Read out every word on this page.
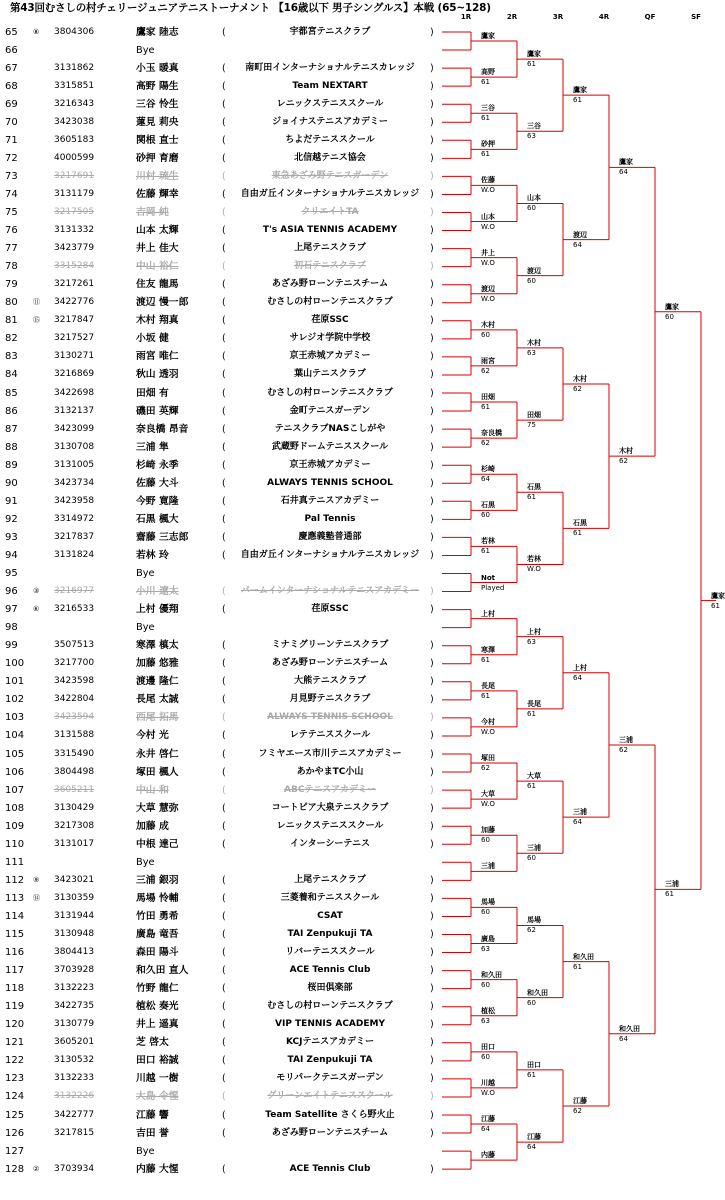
第43回むさしの村チェリージュニアテニストーナメント 【16歳以下 男子シングルス】本戦 (65~128)
1R	2R	3R	4R	QF	SF
65	⑧	3804306	鷹家 陸志	(	宇都宮テニスクラブ	)
66	Bye
67	3131862	小玉 暖真	(	南町田インターナショナルテニスカレッジ	)
68	3315851	高野 陽生	(	Team NEXTART	)
69	3216343	三谷 怜生	(	レニックステニススクール	)
70	3423038	蓮見 莉央	(	ジョイナステニスアカデミー	)
71	3605183	関根 直士	(	ちよだテニススクール	)
72	4000599	砂押 育磨	(	北信越テニス協会	)
73	3217691	川村 琉生	(	東急あざみ野テニスガーデン	)
74	3131179	佐藤 輝幸	(	自由ガ丘インターナショナルテニスカレッジ	)
75	3217505	吉岡 純	(	クリエイトTA	)
76	3131332	山本 太輝	(	T's ASIA TENNIS ACADEMY	)
77	3423779	井上 佳大	(	上尾テニスクラブ	)
78	3315284	中山 裕仁	(	初石テニスクラブ	)
79	3217261	住友 龍馬	(	あざみ野ローンテニスチーム	)
80	⑪	3422776	渡辺 慢一郎	(	むさしの村ローンテニスクラブ	)
81	⑮	3217847	木村 翔真	(	荏原SSC	)
82	3217527	小坂 健	(	サレジオ学院中学校	)
83	3130271	雨宮 唯仁	(	京王赤城アカデミー	)
84	3216869	秋山 透羽	(	葉山テニスクラブ	)
85	3422698	田畑 有	(	むさしの村ローンテニスクラブ	)
86	3132137	磯田 英輝	(	金町テニスガーデン	)
87	3423099	奈良橋 昂音	(	テニスクラブNASこしがや	)
88	3130708	三浦 隼	(	武蔵野ドームテニススクール	)
89	3131005	杉崎 永季	(	京王赤城アカデミー	)
90	3423734	佐藤 大斗	(	ALWAYS TENNIS SCHOOL	)
91	3423958	今野 寛隆	(	石井真テニスアカデミー	)
92	3314972	石黒 楓大	(	Pal Tennis	)
93	3217837	齋藤 三志郎	(	慶應義塾普通部	)
94	3131824	若林 玲	(	自由ガ丘インターナショナルテニスカレッジ	)
95	Bye
96	③	3216977	小川 遼太	(	パームインターナショナルテニスアカデミー	)
97	⑥	3216533	上村 優翔	(	荏原SSC	)
98	Bye
99	3507513	寒澤 槙太	(	ミナミグリーンテニスクラブ	)
100	3217700	加藤 悠雅	(	あざみ野ローンテニスチーム	)
101	3423598	渡邊 隆仁	(	大熊テニスクラブ	)
102	3422804	長尾 太誠	(	月見野テニスクラブ	)
103	3423594	西尾 拓馬	(	ALWAYS TENNIS SCHOOL	)
104	3131588	今村 光	(	レテテニススクール	)
105	3315490	永井 啓仁	(	フミヤエース市川テニスアカデミー	)
106	3804498	塚田 楓人	(	あかやまTC小山	)
107	3605211	中山 和	(	ABCテニスアカデミー	)
108	3130429	大草 慧弥	(	コートピア大泉テニスクラブ	)
109	3217308	加藤 成	(	レニックステニススクール	)
110	3131017	中根 達己	(	インターシーテニス	)
111	Bye
112	⑨	3423021	三浦 銀羽	(	上尾テニスクラブ	)
113	⑭	3130359	馬場 怜輔	(	三菱養和テニススクール	)
114	3131944	竹田 勇希	(	CSAT	)
115	3130948	廣島 竜吾	(	TAI Zenpukuji TA	)
116	3804413	森田 陽斗	(	リバーテニススクール	)
117	3703928	和久田 直人	(	ACE Tennis Club	)
118	3132223	竹野 龍仁	(	桜田倶楽部	)
119	3422735	植松 奏光	(	むさしの村ローンテニスクラブ	)
120	3130779	井上 遥真	(	VIP TENNIS ACADEMY	)
121	3605201	芝 啓太	(	KCJテニスアカデミー	)
122	3130532	田口 裕誠	(	TAI Zenpukuji TA	)
123	3132233	川越 一樹	(	モリパークテニスガーデン	)
124	3132226	大島 令惺	(	グリーンエイトテニススクール	)
125	3422777	江藤 響	(	Team Satellite さくら野火止	)
126	3217815	吉田 誉	(	あざみ野ローンテニスチーム	)
127	Bye
128	②	3703934	内藤 大惺	(	ACE Tennis Club	)
鷹家
高野
61
三谷
61
砂押
61
佐藤
W.O
山本
W.O
井上
W.O
渡辺
W.O
木村
60
雨宮
62
田畑
61
奈良橋
62
杉崎
64
石黒
60
若林
61
Not
Played
上村
寒澤
61
長尾
61
今村
W.O
塚田
62
大草
W.O
加藤
60
三浦
馬場
60
廣島
63
和久田
60
植松
63
田口
60
川越
W.O
江藤
64
内藤
鷹家
61
三谷
63
山本
60
渡辺
60
木村
63
田畑
75
石黒
61
若林
W.O
上村
63
長尾
61
大草
61
三浦
60
馬場
62
和久田
60
田口
61
江藤
64
鷹家
61
渡辺
64
木村
62
石黒
61
上村
64
三浦
64
和久田
61
江藤
62
鷹家
64
木村
62
三浦
62
和久田
64
鷹家
60
三浦
61
鷹家
61
